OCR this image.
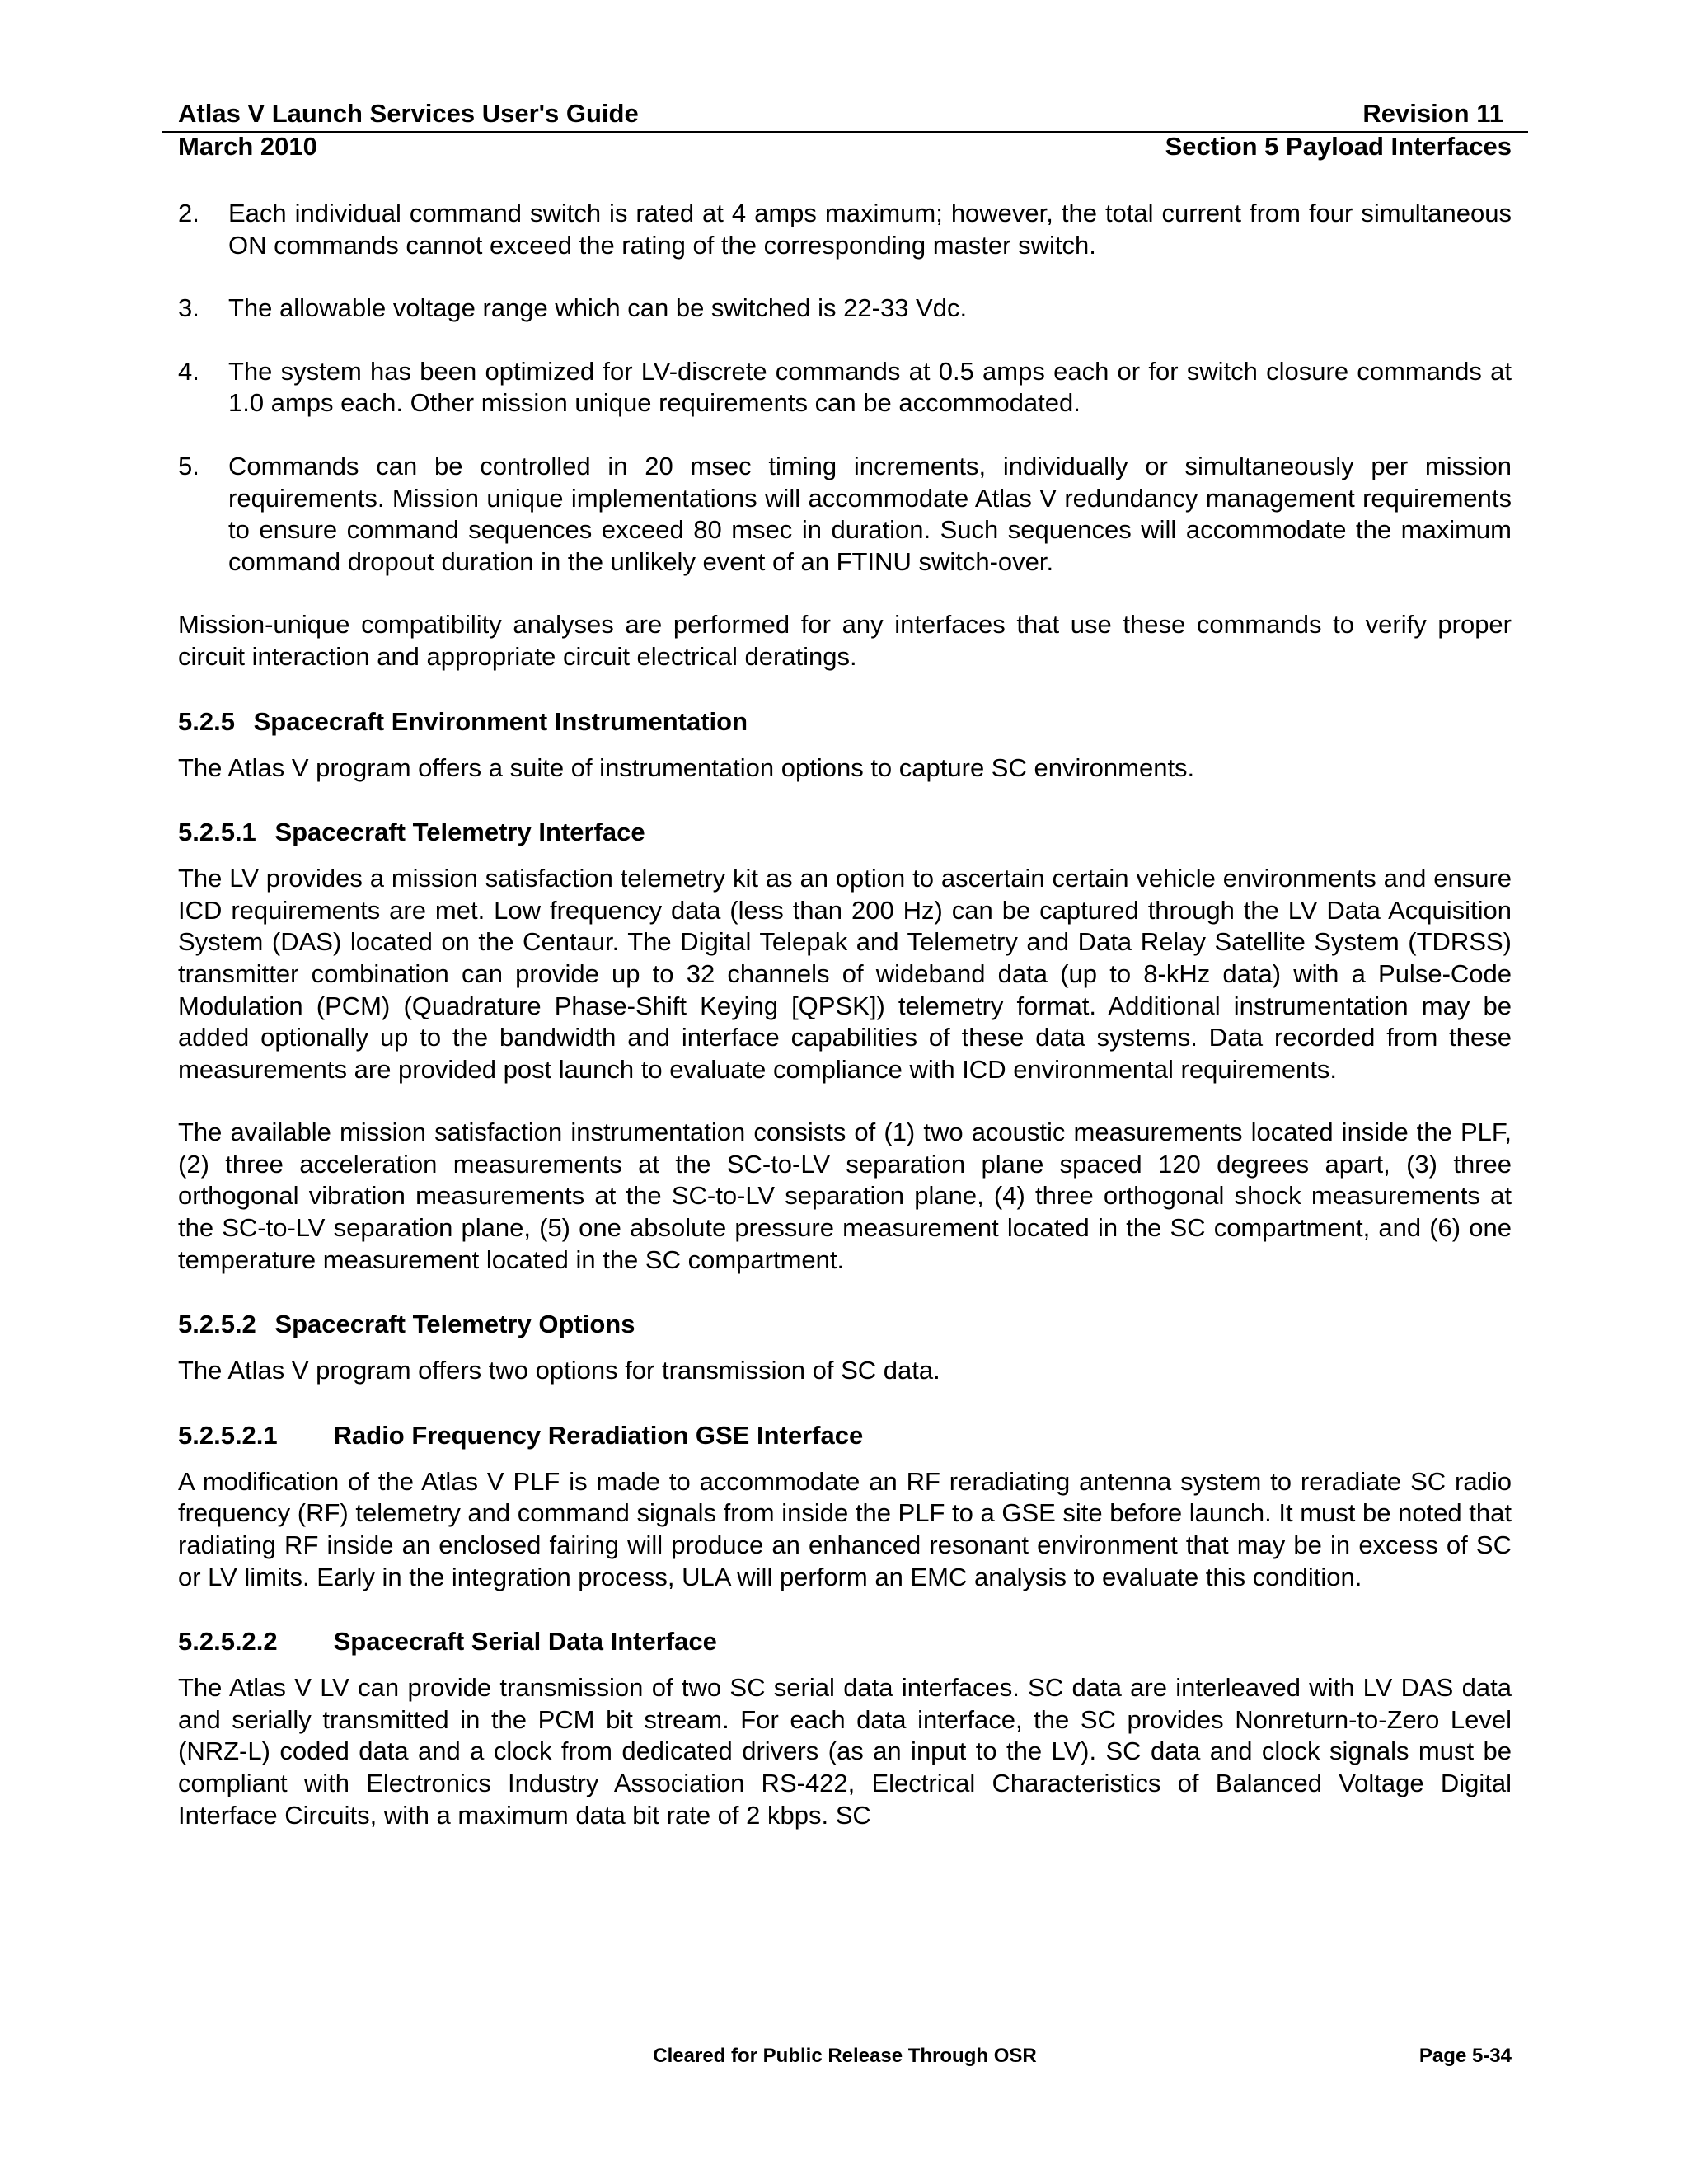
Atlas V Launch Services User's Guide	Revision 11
March 2010	Section 5 Payload Interfaces
2.	Each individual command switch is rated at 4 amps maximum; however, the total current from four simultaneous ON commands cannot exceed the rating of the corresponding master switch.
3.	The allowable voltage range which can be switched is 22-33 Vdc.
4.	The system has been optimized for LV-discrete commands at 0.5 amps each or for switch closure commands at 1.0 amps each. Other mission unique requirements can be accommodated.
5.	Commands can be controlled in 20 msec timing increments, individually or simultaneously per mission requirements. Mission unique implementations will accommodate Atlas V redundancy management requirements to ensure command sequences exceed 80 msec in duration. Such sequences will accommodate the maximum command dropout duration in the unlikely event of an FTINU switch-over.

Mission-unique compatibility analyses are performed for any interfaces that use these commands to verify proper circuit interaction and appropriate circuit electrical deratings.

5.2.5 Spacecraft Environment Instrumentation

The Atlas V program offers a suite of instrumentation options to capture SC environments.

5.2.5.1 Spacecraft Telemetry Interface

The LV provides a mission satisfaction telemetry kit as an option to ascertain certain vehicle environments and ensure ICD requirements are met. Low frequency data (less than 200 Hz) can be captured through the LV Data Acquisition System (DAS) located on the Centaur. The Digital Telepak and Telemetry and Data Relay Satellite System (TDRSS) transmitter combination can provide up to 32 channels of wideband data (up to 8-kHz data) with a Pulse-Code Modulation (PCM) (Quadrature Phase-Shift Keying [QPSK]) telemetry format. Additional instrumentation may be added optionally up to the bandwidth and interface capabilities of these data systems. Data recorded from these measurements are provided post launch to evaluate compliance with ICD environmental requirements.

The available mission satisfaction instrumentation consists of (1) two acoustic measurements located inside the PLF, (2) three acceleration measurements at the SC-to-LV separation plane spaced 120 degrees apart, (3) three orthogonal vibration measurements at the SC-to-LV separation plane, (4) three orthogonal shock measurements at the SC-to-LV separation plane, (5) one absolute pressure measurement located in the SC compartment, and (6) one temperature measurement located in the SC compartment.

5.2.5.2 Spacecraft Telemetry Options

The Atlas V program offers two options for transmission of SC data.

5.2.5.2.1 Radio Frequency Reradiation GSE Interface

A modification of the Atlas V PLF is made to accommodate an RF reradiating antenna system to reradiate SC radio frequency (RF) telemetry and command signals from inside the PLF to a GSE site before launch. It must be noted that radiating RF inside an enclosed fairing will produce an enhanced resonant environment that may be in excess of SC or LV limits. Early in the integration process, ULA will perform an EMC analysis to evaluate this condition.

5.2.5.2.2 Spacecraft Serial Data Interface

The Atlas V LV can provide transmission of two SC serial data interfaces. SC data are interleaved with LV DAS data and serially transmitted in the PCM bit stream. For each data interface, the SC provides Nonreturn-to-Zero Level (NRZ-L) coded data and a clock from dedicated drivers (as an input to the LV). SC data and clock signals must be compliant with Electronics Industry Association RS-422, Electrical Characteristics of Balanced Voltage Digital Interface Circuits, with a maximum data bit rate of 2 kbps. SC

Cleared for Public Release Through OSR	Page 5-34
